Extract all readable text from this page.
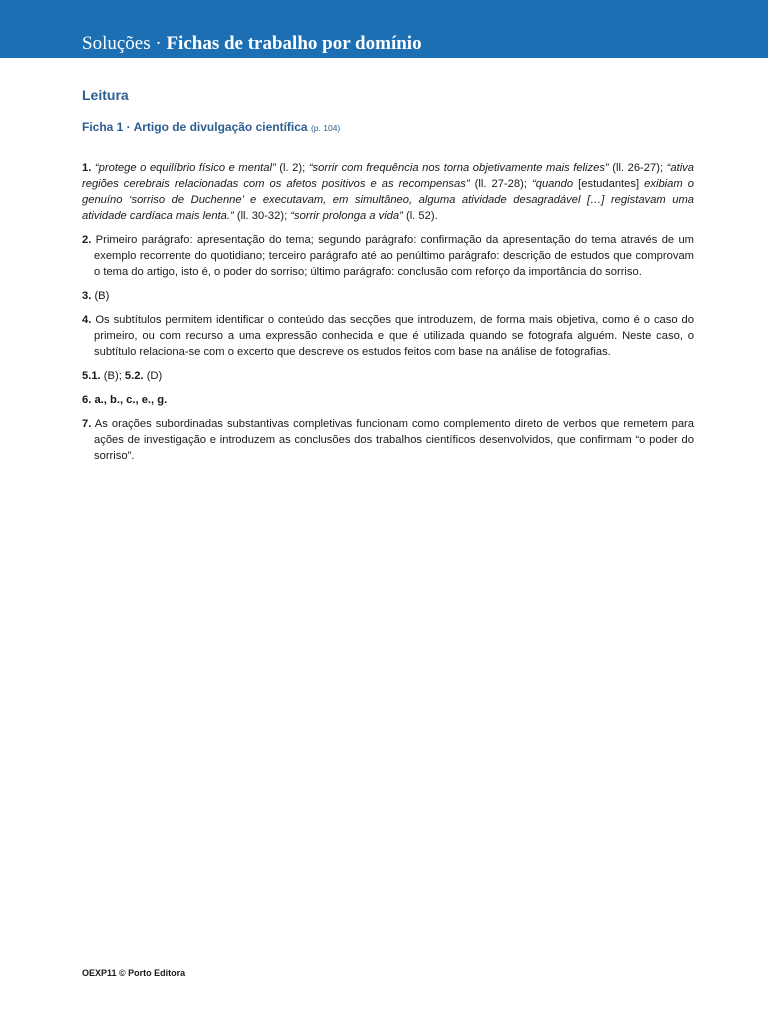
Soluções · Fichas de trabalho por domínio
Leitura
Ficha 1 · Artigo de divulgação científica (p. 104)

1. “protege o equilíbrio físico e mental” (l. 2); “sorrir com frequência nos torna objetivamente mais felizes” (ll. 26-27); “ativa regiões cerebrais relacionadas com os afetos positivos e as recompensas” (ll. 27-28); “quando [estudantes] exibiam o genuíno ‘sorriso de Duchenne’ e executavam, em simultâneo, alguma atividade desagradável […] registavam uma atividade cardíaca mais lenta.” (ll. 30-32); “sorrir prolonga a vida” (l. 52).

2. Primeiro parágrafo: apresentação do tema; segundo parágrafo: confirmação da apresentação do tema através de um exemplo recorrente do quotidiano; terceiro parágrafo até ao penúltimo parágrafo: descrição de estudos que comprovam o tema do artigo, isto é, o poder do sorriso; último parágrafo: conclusão com reforço da importância do sorriso.

3. (B)

4. Os subtítulos permitem identificar o conteúdo das secções que introduzem, de forma mais objetiva, como é o caso do primeiro, ou com recurso a uma expressão conhecida e que é utilizada quando se fotografa alguém. Neste caso, o subtítulo relaciona-se com o excerto que descreve os estudos feitos com base na análise de fotografias.

5.1. (B); 5.2. (D)

6. a., b., c., e., g.

7. As orações subordinadas substantivas completivas funcionam como complemento direto de verbos que remetem para ações de investigação e introduzem as conclusões dos trabalhos científicos desenvolvidos, que confirmam “o poder do sorriso”.

OEXP11 © Porto Editora
